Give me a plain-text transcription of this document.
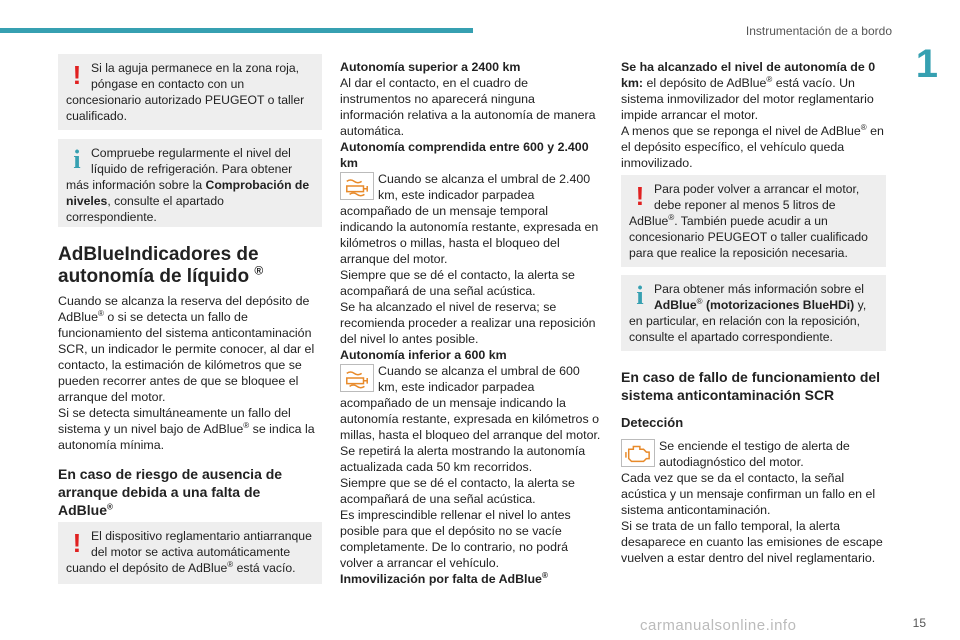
Instrumentación de a bordo
1
! Si la aguja permanece en la zona roja, póngase en contacto con un concesionario autorizado PEUGEOT o taller cualificado.

i Compruebe regularmente el nivel del líquido de refrigeración. Para obtener más información sobre la Comprobación de niveles, consulte el apartado correspondiente.

AdBlueIndicadores de autonomía de líquido ®

Cuando se alcanza la reserva del depósito de AdBlue® o si se detecta un fallo de funcionamiento del sistema anticontaminación SCR, un indicador le permite conocer, al dar el contacto, la estimación de kilómetros que se pueden recorrer antes de que se bloquee el arranque del motor.

Si se detecta simultáneamente un fallo del sistema y un nivel bajo de AdBlue® se indica la autonomía mínima.

En caso de riesgo de ausencia de arranque debida a una falta de AdBlue®
! El dispositivo reglamentario antiarranque del motor se activa automáticamente cuando el depósito de AdBlue® está vacío.

Autonomía superior a 2400 km
Al dar el contacto, en el cuadro de instrumentos no aparecerá ninguna información relativa a la autonomía de manera automática.
Autonomía comprendida entre 600 y 2.400 km
Cuando se alcanza el umbral de 2.400 km, este indicador parpadea acompañado de un mensaje temporal indicando la autonomía restante, expresada en kilómetros o millas, hasta el bloqueo del arranque del motor.
Siempre que se dé el contacto, la alerta se acompañará de una señal acústica.
Se ha alcanzado el nivel de reserva; se recomienda proceder a realizar una reposición del nivel lo antes posible.
Autonomía inferior a 600 km
Cuando se alcanza el umbral de 600 km, este indicador parpadea acompañado de un mensaje indicando la autonomía restante, expresada en kilómetros o millas, hasta el bloqueo del arranque del motor.
Se repetirá la alerta mostrando la autonomía actualizada cada 50 km recorridos.
Siempre que se dé el contacto, la alerta se acompañará de una señal acústica.
Es imprescindible rellenar el nivel lo antes posible para que el depósito no se vacíe completamente. De lo contrario, no podrá volver a arrancar el vehículo.
Inmovilización por falta de AdBlue®
Se ha alcanzado el nivel de autonomía de 0 km: el depósito de AdBlue® está vacío. Un sistema inmovilizador del motor reglamentario impide arrancar el motor.
A menos que se reponga el nivel de AdBlue® en el depósito específico, el vehículo queda inmovilizado.
! Para poder volver a arrancar el motor, debe reponer al menos 5 litros de AdBlue®. También puede acudir a un concesionario PEUGEOT o taller cualificado para que realice la reposición necesaria.

i Para obtener más información sobre el AdBlue® (motorizaciones BlueHDi) y, en particular, en relación con la reposición, consulte el apartado correspondiente.

En caso de fallo de funcionamiento del sistema anticontaminación SCR
Detección
Se enciende el testigo de alerta de autodiagnóstico del motor.
Cada vez que se da el contacto, la señal acústica y un mensaje confirman un fallo en el sistema anticontaminación.
Si se trata de un fallo temporal, la alerta desaparece en cuanto las emisiones de escape vuelven a estar dentro del nivel reglamentario.
carmanualsonline.info	15
